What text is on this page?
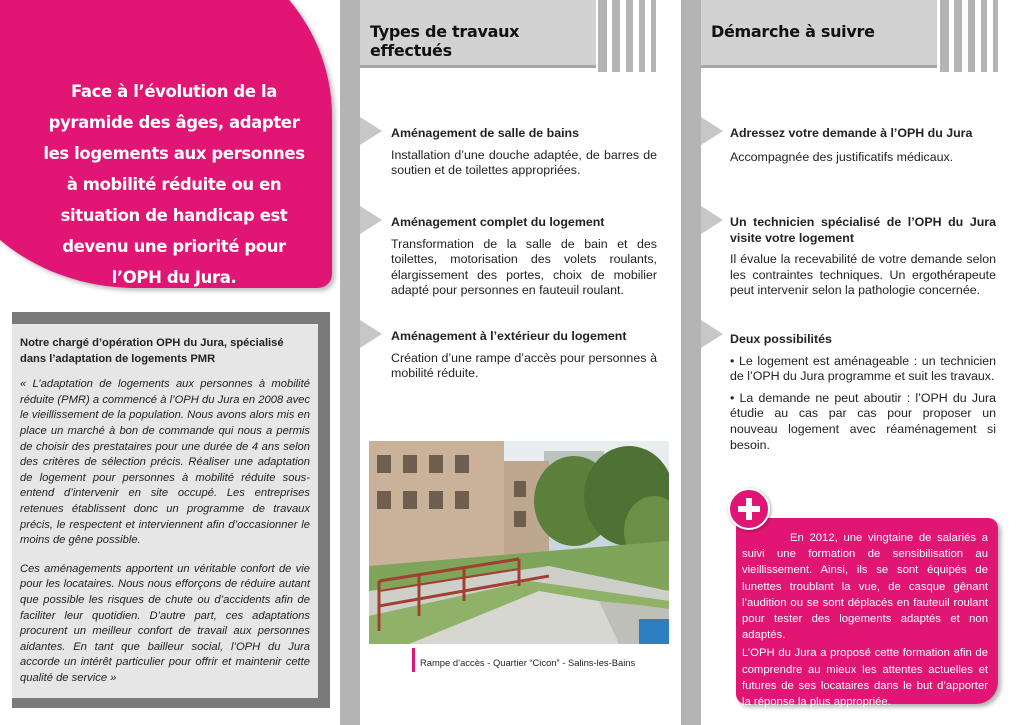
Face à l’évolution de la pyramide des âges, adapter les logements aux personnes à mobilité réduite ou en situation de handicap est devenu une priorité pour l’OPH du Jura.

Notre chargé d’opération OPH du Jura, spécialisé dans l’adaptation de logements PMR

« L’adaptation de logements aux personnes à mobilité réduite (PMR) a commencé à l’OPH du Jura en 2008 avec le vieillissement de la population. Nous avons alors mis en place un marché à bon de commande qui nous a permis de choisir des prestataires pour une durée de 4 ans selon des critères de sélection précis. Réaliser une adaptation de logement pour personnes à mobilité réduite sous-entend d’intervenir en site occupé. Les entreprises retenues établissent donc un programme de travaux précis, le respectent et interviennent afin d’occasionner le moins de gêne possible.

Ces aménagements apportent un véritable confort de vie pour les locataires. Nous nous efforçons de réduire autant que possible les risques de chute ou d’accidents afin de faciliter leur quotidien. D’autre part, ces adaptations procurent un meilleur confort de travail aux personnes aidantes. En tant que bailleur social, l’OPH du Jura accorde un intérêt particulier pour offrir et maintenir cette qualité de service »

Types de travaux effectués
Démarche à suivre

Aménagement de salle de bains

Installation d’une douche adaptée, de barres de soutien et de toilettes appropriées.

Aménagement complet du logement

Transformation de la salle de bain et des toilettes, motorisation des volets roulants, élargissement des portes, choix de mobilier adapté pour personnes en fauteuil roulant.

Aménagement à l’extérieur du logement

Création d’une rampe d’accès pour personnes à mobilité réduite.

Rampe d’accès - Quartier “Cicon” - Salins-les-Bains

Adressez votre demande à l’OPH du Jura

Accompagnée des justificatifs médicaux.

Un technicien spécialisé de l’OPH du Jura visite votre logement

Il évalue la recevabilité de votre demande selon les contraintes techniques. Un ergothérapeute peut intervenir selon la pathologie concernée.

Deux possibilités

• Le logement est aménageable : un technicien de l’OPH du Jura programme et suit les travaux.

• La demande ne peut aboutir : l’OPH du Jura étudie au cas par cas pour proposer un nouveau logement avec réaménagement si besoin.

En 2012, une vingtaine de salariés a suivi une formation de sensibilisation au vieillissement. Ainsi, ils se sont équipés de lunettes troublant la vue, de casque gênant l’audition ou se sont déplacés en fauteuil roulant pour tester des logements adaptés et non adaptés.

L’OPH du Jura a proposé cette formation afin de comprendre au mieux les attentes actuelles et futures de ses locataires dans le but d’apporter la réponse la plus appropriée.
